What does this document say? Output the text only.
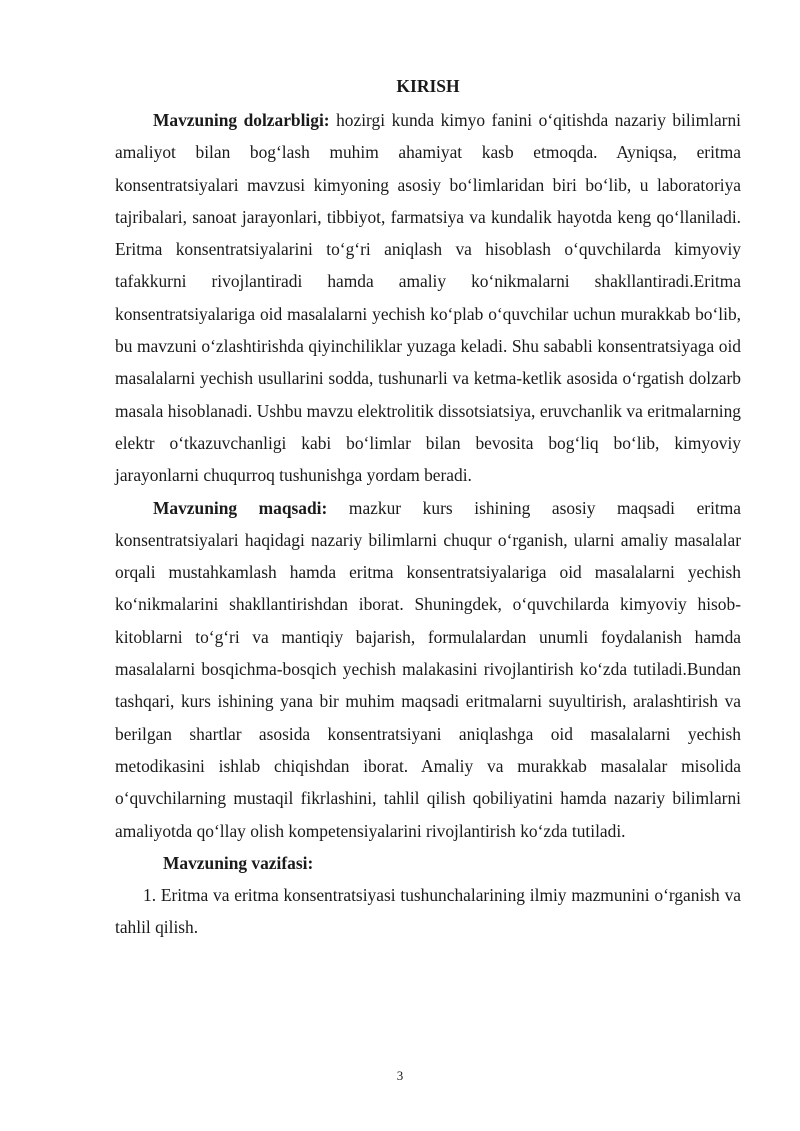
KIRISH

Mavzuning dolzarbligi: hozirgi kunda kimyo fanini o‘qitishda nazariy bilimlarni amaliyot bilan bog‘lash muhim ahamiyat kasb etmoqda. Ayniqsa, eritma konsentratsiyalari mavzusi kimyoning asosiy bo‘limlaridan biri bo‘lib, u laboratoriya tajribalari, sanoat jarayonlari, tibbiyot, farmatsiya va kundalik hayotda keng qo‘llaniladi. Eritma konsentratsiyalarini to‘g‘ri aniqlash va hisoblash o‘quvchilarda kimyoviy tafakkurni rivojlantiradi hamda amaliy ko‘nikmalarni shakllantiradi.Eritma konsentratsiyalariga oid masalalarni yechish ko‘plab o‘quvchilar uchun murakkab bo‘lib, bu mavzuni o‘zlashtirishda qiyinchiliklar yuzaga keladi. Shu sababli konsentratsiyaga oid masalalarni yechish usullarini sodda, tushunarli va ketma-ketlik asosida o‘rgatish dolzarb masala hisoblanadi. Ushbu mavzu elektrolitik dissotsiatsiya, eruvchanlik va eritmalarning elektr o‘tkazuvchanligi kabi bo‘limlar bilan bevosita bog‘liq bo‘lib, kimyoviy jarayonlarni chuqurroq tushunishga yordam beradi.

Mavzuning maqsadi: mazkur kurs ishining asosiy maqsadi eritma konsentratsiyalari haqidagi nazariy bilimlarni chuqur o‘rganish, ularni amaliy masalalar orqali mustahkamlash hamda eritma konsentratsiyalariga oid masalalarni yechish ko‘nikmalarini shakllantirishdan iborat. Shuningdek, o‘quvchilarda kimyoviy hisob-kitoblarni to‘g‘ri va mantiqiy bajarish, formulalardan unumli foydalanish hamda masalalarni bosqichma-bosqich yechish malakasini rivojlantirish ko‘zda tutiladi.Bundan tashqari, kurs ishining yana bir muhim maqsadi eritmalarni suyultirish, aralashtirish va berilgan shartlar asosida konsentratsiyani aniqlashga oid masalalarni yechish metodikasini ishlab chiqishdan iborat. Amaliy va murakkab masalalar misolida o‘quvchilarning mustaqil fikrlashini, tahlil qilish qobiliyatini hamda nazariy bilimlarni amaliyotda qo‘llay olish kompetensiyalarini rivojlantirish ko‘zda tutiladi.

Mavzuning vazifasi:

1. Eritma va eritma konsentratsiyasi tushunchalarining ilmiy mazmunini o‘rganish va tahlil qilish.

3
